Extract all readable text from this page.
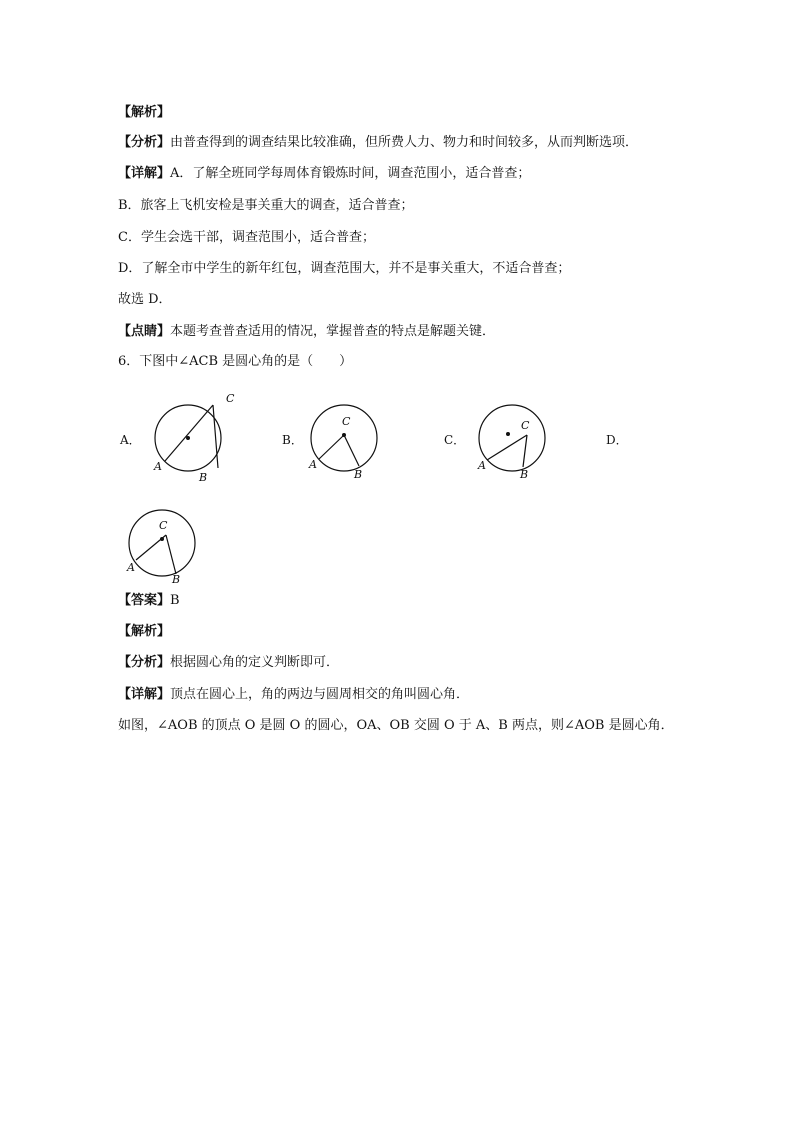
【解析】
【分析】由普查得到的调查结果比较准确，但所费人力、物力和时间较多，从而判断选项．
【详解】A．了解全班同学每周体育锻炼时间，调查范围小，适合普查；
B．旅客上飞机安检是事关重大的调查，适合普查；
C．学生会选干部，调查范围小，适合普查；
D．了解全市中学生的新年红包，调查范围大，并不是事关重大，不适合普查；
故选 D．
【点睛】本题考查普查适用的情况，掌握普查的特点是解题关键．
6．下图中∠ACB 是圆心角的是（　　）
A．	B．	C．	D．
C
A
B
C
A
B
C
A
B
C
A
B
【答案】B
【解析】
【分析】根据圆心角的定义判断即可．
【详解】顶点在圆心上，角的两边与圆周相交的角叫圆心角．
如图，∠AOB 的顶点 O 是圆 O 的圆心，OA、OB 交圆 O 于 A、B 两点，则∠AOB 是圆心角．
